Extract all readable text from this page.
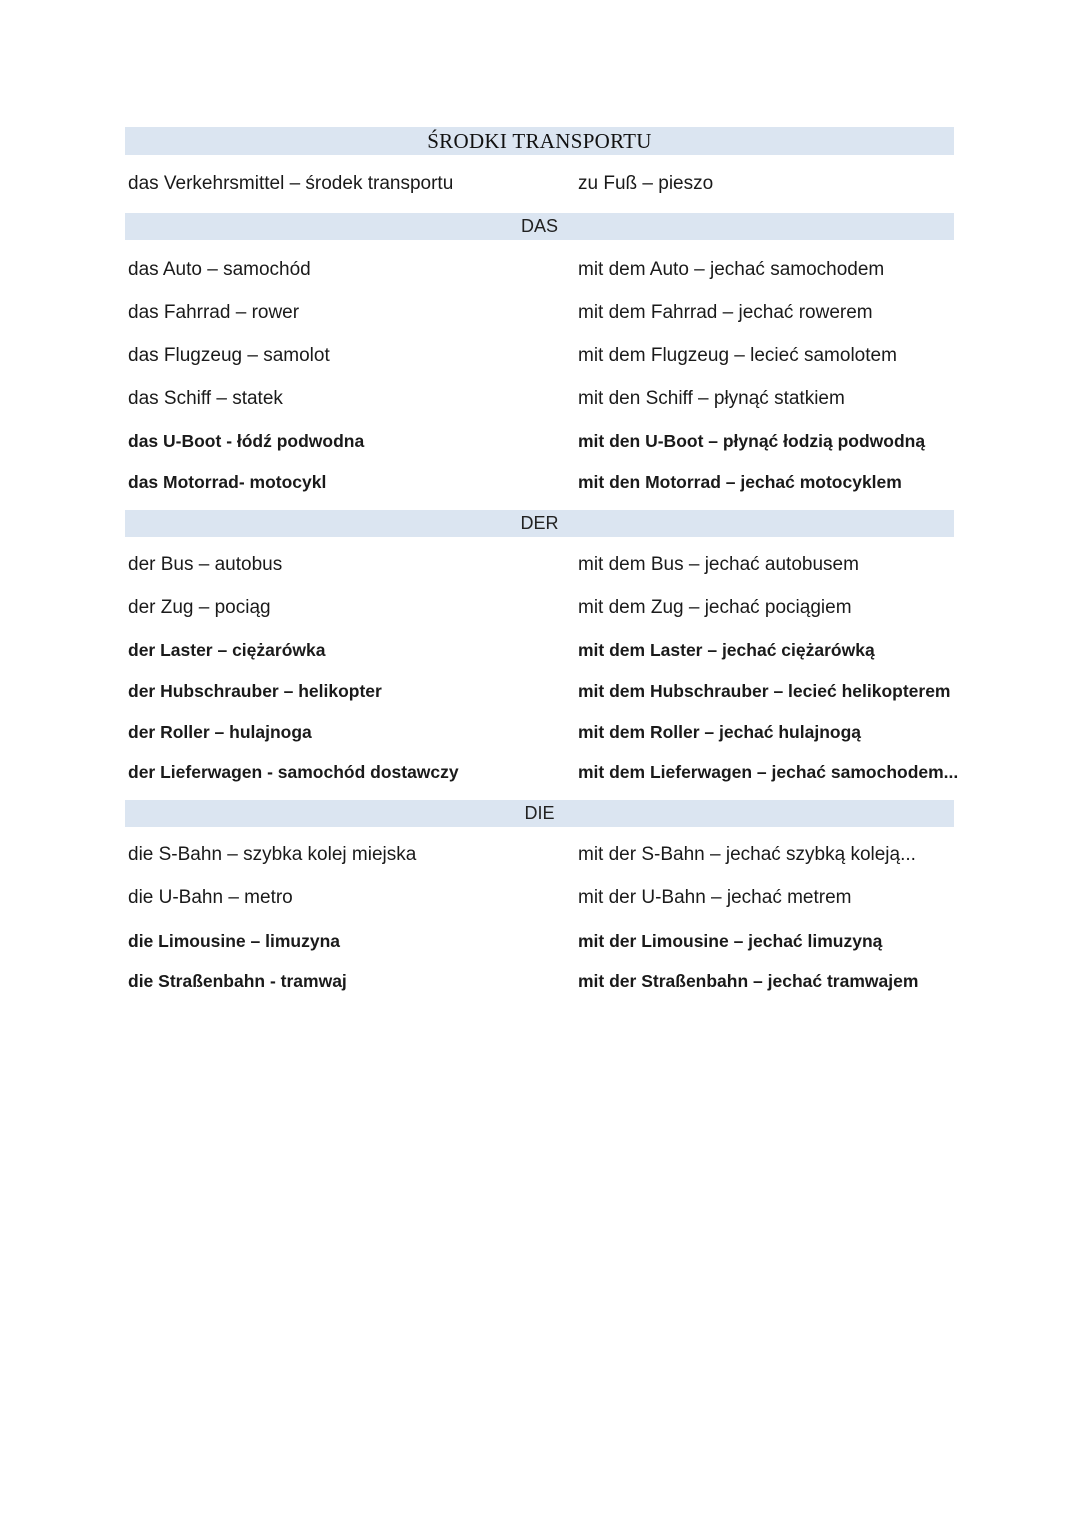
ŚRODKI TRANSPORTU
das Verkehrsmittel – środek transportu	zu Fuß – pieszo
DAS
das Auto – samochód	mit dem Auto – jechać samochodem
das Fahrrad – rower	mit dem Fahrrad – jechać rowerem
das Flugzeug – samolot	mit dem Flugzeug – lecieć samolotem
das Schiff – statek	mit den Schiff – płynąć statkiem
das U-Boot - łódź podwodna	mit den U-Boot – płynąć łodzią podwodną
das Motorrad- motocykl	mit den Motorrad – jechać motocyklem
DER
der Bus – autobus	mit dem Bus – jechać autobusem
der Zug – pociąg	mit dem Zug – jechać pociągiem
der Laster – ciężarówka	mit dem Laster – jechać ciężarówką
der Hubschrauber – helikopter	mit dem Hubschrauber – lecieć helikopterem
der Roller – hulajnoga	mit dem Roller – jechać hulajnogą
der Lieferwagen - samochód dostawczy	mit dem Lieferwagen – jechać samochodem...
DIE
die S-Bahn – szybka kolej miejska	mit der S-Bahn – jechać szybką koleją...
die U-Bahn – metro	mit der U-Bahn – jechać metrem
die Limousine – limuzyna	mit der Limousine – jechać limuzyną
die Straßenbahn - tramwaj	mit der Straßenbahn – jechać tramwajem
